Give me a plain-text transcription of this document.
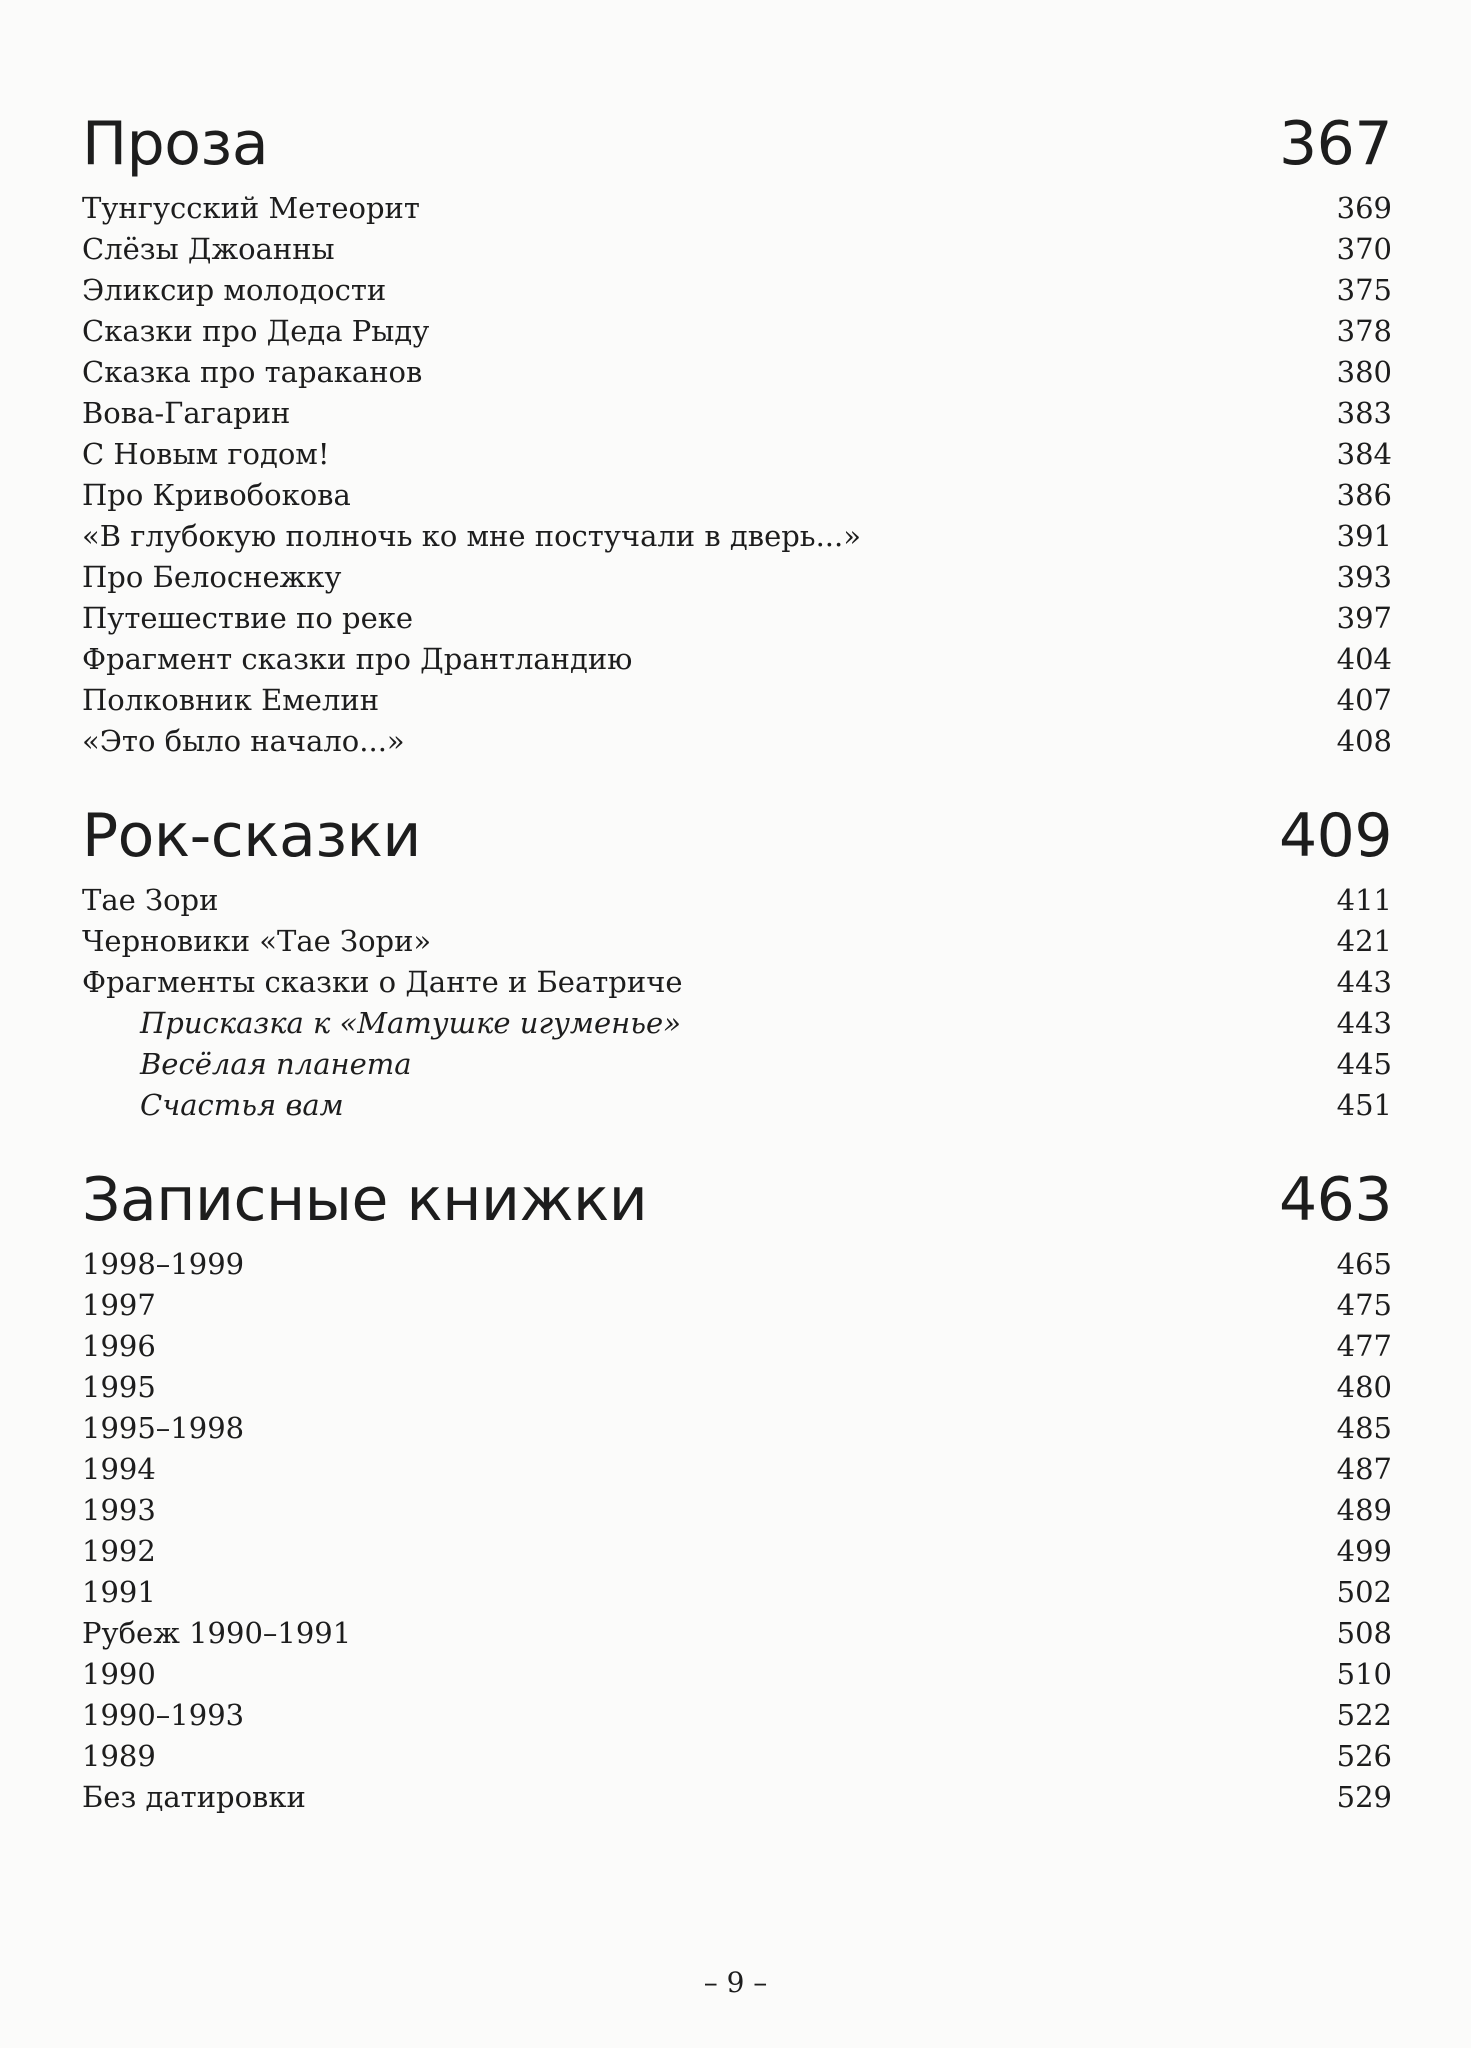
Проза	367
Тунгусский Метеорит	369
Слёзы Джоанны	370
Эликсир молодости	375
Сказки про Деда Рыду	378
Сказка про тараканов	380
Вова-Гагарин	383
С Новым годом!	384
Про Кривобокова	386
«В глубокую полночь ко мне постучали в дверь...»	391
Про Белоснежку	393
Путешествие по реке	397
Фрагмент сказки про Дрантландию	404
Полковник Емелин	407
«Это было начало...»	408
Рок-сказки	409
Тае Зори	411
Черновики «Тае Зори»	421
Фрагменты сказки о Данте и Беатриче	443
Присказка к «Матушке игуменье»	443
Весёлая планета	445
Счастья вам	451
Записные книжки	463
1998–1999	465
1997	475
1996	477
1995	480
1995–1998	485
1994	487
1993	489
1992	499
1991	502
Рубеж 1990–1991	508
1990	510
1990–1993	522
1989	526
Без датировки	529
– 9 –
